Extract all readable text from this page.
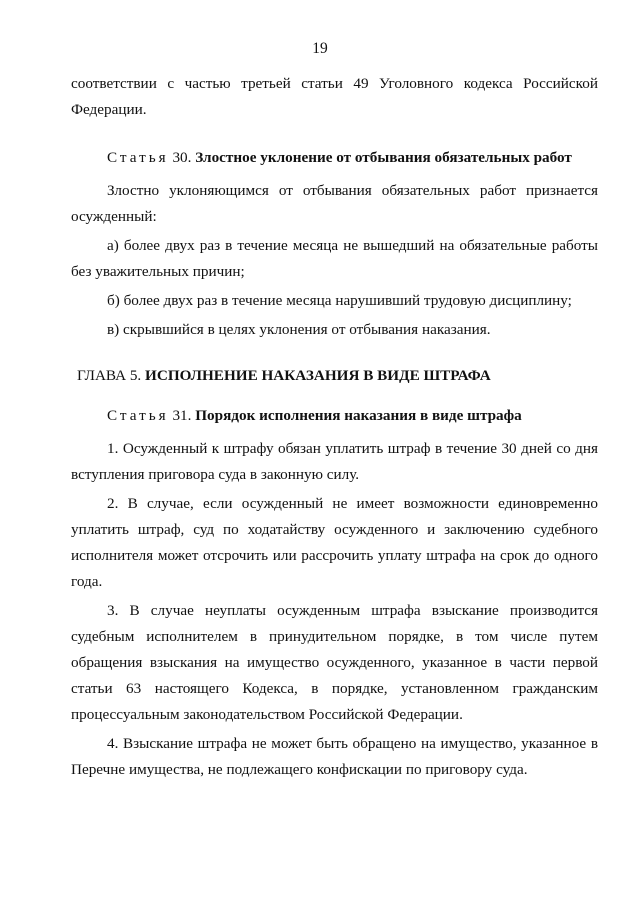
19

соответствии с частью третьей статьи 49 Уголовного кодекса Российской Федерации.

Статья 30. Злостное уклонение от отбывания обязательных работ

Злостно уклоняющимся от отбывания обязательных работ признается осужденный:

а) более двух раз в течение месяца не вышедший на обязательные работы без уважительных причин;

б) более двух раз в течение месяца нарушивший трудовую дисциплину;

в) скрывшийся в целях уклонения от отбывания наказания.

ГЛАВА 5. ИСПОЛНЕНИЕ НАКАЗАНИЯ В ВИДЕ ШТРАФА

Статья 31. Порядок исполнения наказания в виде штрафа

1. Осужденный к штрафу обязан уплатить штраф в течение 30 дней со дня вступления приговора суда в законную силу.

2. В случае, если осужденный не имеет возможности единовременно уплатить штраф, суд по ходатайству осужденного и заключению судебного исполнителя может отсрочить или рассрочить уплату штрафа на срок до одного года.

3. В случае неуплаты осужденным штрафа взыскание производится судебным исполнителем в принудительном порядке, в том числе путем обращения взыскания на имущество осужденного, указанное в части первой статьи 63 настоящего Кодекса, в порядке, установленном гражданским процессуальным законодательством Российской Федерации.

4. Взыскание штрафа не может быть обращено на имущество, указанное в Перечне имущества, не подлежащего конфискации по приговору суда.
